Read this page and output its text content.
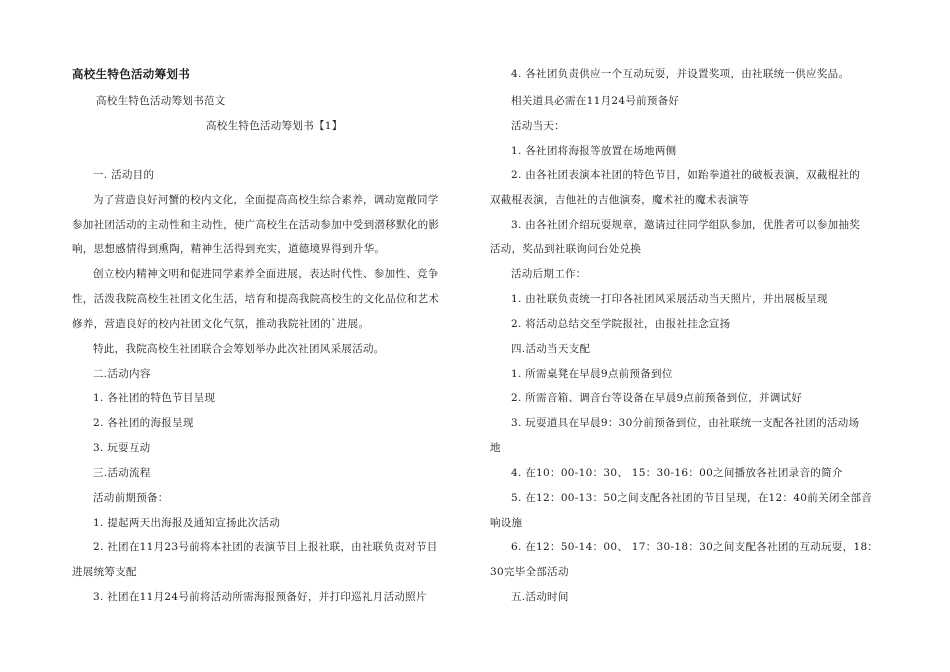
高校生特色活动筹划书
高校生特色活动筹划书范文
高校生特色活动筹划书【1】
一. 活动目的
为了营造良好河蟹的校内文化，全面提高高校生综合素养，调动宽敞同学
参加社团活动的主动性和主动性，使广高校生在活动参加中受到潜移默化的影
响，思想感情得到熏陶，精神生活得到充实，道德境界得到升华。
创立校内精神文明和促进同学素养全面进展，表达时代性、参加性、竞争
性，活泼我院高校生社团文化生活，培育和提高我院高校生的文化品位和艺术
修养，营造良好的校内社团文化气氛，推动我院社团的`进展。
特此，我院高校生社团联合会筹划举办此次社团风采展活动。
二.活动内容
1. 各社团的特色节目呈现
2. 各社团的海报呈现
3. 玩耍互动
三.活动流程
活动前期预备：
1. 提起两天出海报及通知宣扬此次活动
2. 社团在11月23号前将本社团的表演节目上报社联，由社联负责对节目
进展统筹支配
3. 社团在11月24号前将活动所需海报预备好，并打印巡礼月活动照片
4. 各社团负责供应一个互动玩耍，并设置奖项，由社联统一供应奖品。
相关道具必需在11月24号前预备好
活动当天：
1. 各社团将海报等放置在场地两侧
2. 由各社团表演本社团的特色节目，如跆拳道社的破板表演，双截棍社的
双截棍表演，吉他社的吉他演奏，魔术社的魔术表演等
3. 由各社团介绍玩耍规章，邀请过往同学组队参加，优胜者可以参加抽奖
活动，奖品到社联询问台处兑换
活动后期工作：
1. 由社联负责统一打印各社团风采展活动当天照片，并出展板呈现
2. 将活动总结交至学院报社，由报社挂念宣扬
四.活动当天支配
1. 所需桌凳在早晨9点前预备到位
2. 所需音箱、调音台等设备在早晨9点前预备到位，并调试好
3. 玩耍道具在早晨9：30分前预备到位，由社联统一支配各社团的活动场
地
4. 在10：00-10：30、 15：30-16：00之间播放各社团录音的简介
5. 在12：00-13：50之间支配各社团的节目呈现，在12：40前关闭全部音
响设施
6. 在12：50-14：00、 17：30-18：30之间支配各社团的互动玩耍，18：
30完毕全部活动
五.活动时间
